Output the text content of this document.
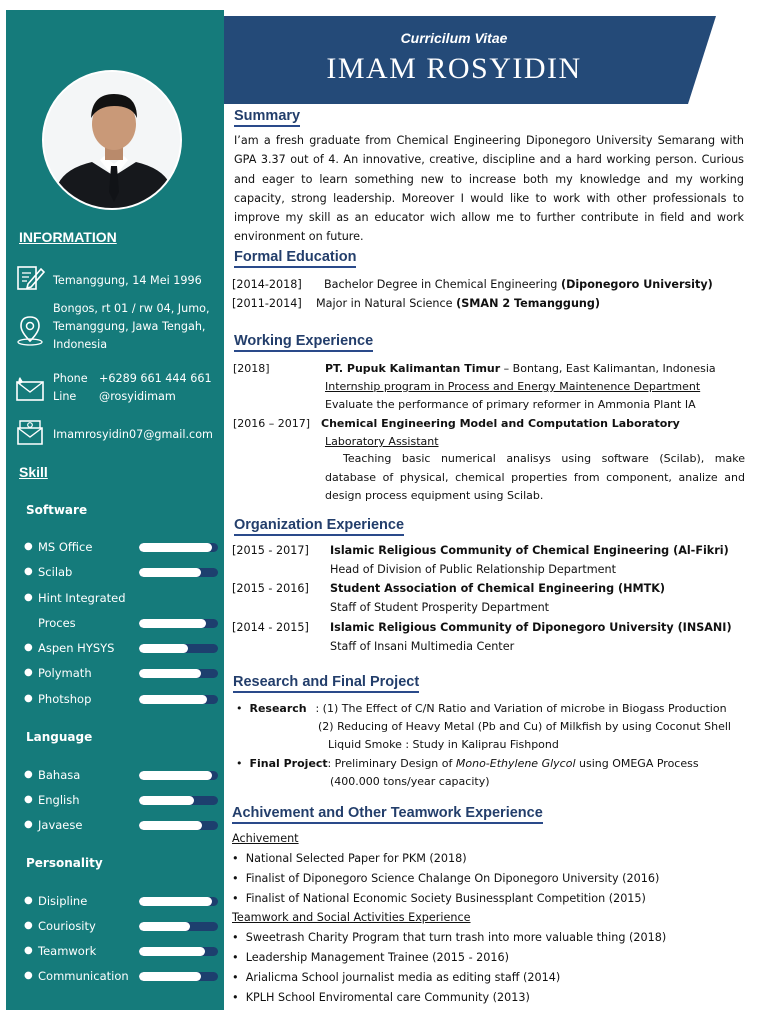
INFORMATION
Temanggung, 14 Mei 1996
Bongos, rt 01 / rw 04, Jumo, Temanggung, Jawa Tengah, Indonesia
Phone +6289 661 444 661
Line @rosyidimam
Imamrosyidin07@gmail.com
Skill
Software
● MS Office
● Scilab
● Hint Integrated
Proces
● Aspen HYSYS
● Polymath
● Photshop
Language
● Bahasa
● English
● Javaese
Personality
● Disipline
● Couriosity
● Teamwork
● Communication
Curricilum Vitae
IMAM ROSYIDIN
Summary
I’am a fresh graduate from Chemical Engineering Diponegoro University Semarang with GPA 3.37 out of 4. An innovative, creative, discipline and a hard working person. Curious and eager to learn something new to increase both my knowledge and my working capacity, strong leadership. Moreover I would like to work with other professionals to improve my skill as an educator wich allow me to further contribute in field and work environment on future.
Formal Education
[2014-2018] Bachelor Degree in Chemical Engineering (Diponegoro University)
[2011-2014] Major in Natural Science (SMAN 2 Temanggung)
Working Experience
[2018]	PT. Pupuk Kalimantan Timur – Bontang, East Kalimantan, Indonesia
Internship program in Process and Energy Maintenence Department
Evaluate the performance of primary reformer in Ammonia Plant IA
[2016 – 2017] Chemical Engineering Model and Computation Laboratory
Laboratory Assistant
Teaching basic numerical analisys using software (Scilab), make database of physical, chemical properties from component, analize and design process equipment using Scilab.
Organization Experience
[2015 - 2017] Islamic Religious Community of Chemical Engineering (Al-Fikri)
Head of Division of Public Relationship Department
[2015 - 2016] Student Association of Chemical Engineering (HMTK)
Staff of Student Prosperity Department
[2014 - 2015] Islamic Religious Community of Diponegoro University (INSANI)
Staff of Insani Multimedia Center
Research and Final Project
•  Research : (1) The Effect of C/N Ratio and Variation of microbe in Biogass Production
(2) Reducing of Heavy Metal (Pb and Cu) of Milkfish by using Coconut Shell
Liquid Smoke : Study in Kaliprau Fishpond
•  Final Project: Preliminary Design of Mono-Ethylene Glycol using OMEGA Process
(400.000 tons/year capacity)
Achivement and Other Teamwork Experience
Achivement
•  National Selected Paper for PKM (2018)
•  Finalist of Diponegoro Science Chalange On Diponegoro University (2016)
•  Finalist of National Economic Society Businessplant Competition (2015)
Teamwork and Social Activities Experience
•  Sweetrash Charity Program that turn trash into more valuable thing (2018)
•  Leadership Management Trainee (2015 - 2016)
•  Arialicma School journalist media as editing staff (2014)
•  KPLH School Enviromental care Community (2013)
